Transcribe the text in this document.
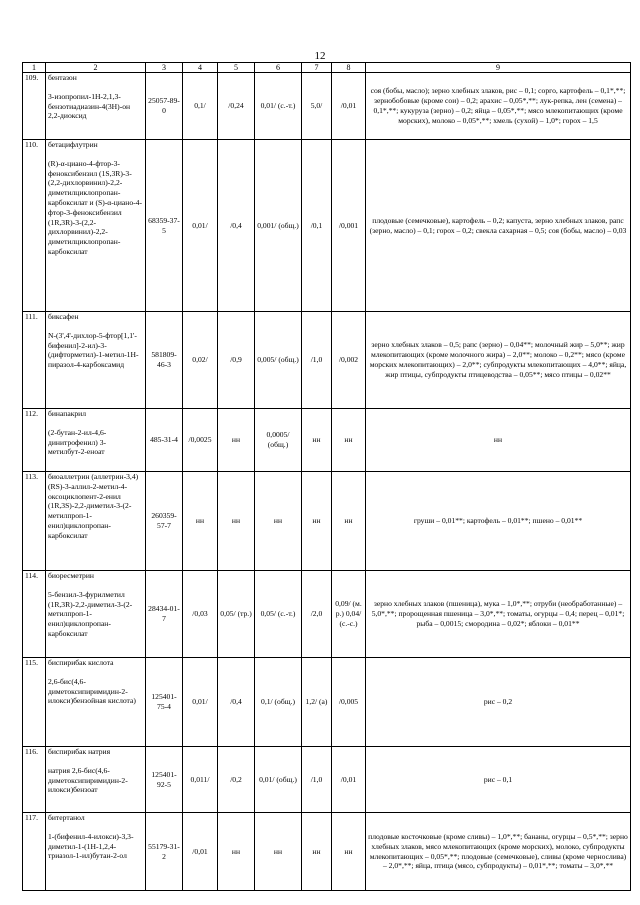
12
1	2	3	4	5	6	7	8	9
109.	бентазон
3-изопропил-1Н-2,1,3-бензотиадиазин-4(3Н)-он 2,2-диоксид	25057-89-0	0,1/	/0,24	0,01/ (с.-т.)	5,0/	/0,01	соя (бобы, масло); зерно хлебных злаков, рис – 0,1; сорго, картофель – 0,1*,**; зернобобовые (кроме сои) – 0,2; арахис – 0,05*,**; лук-репка, лен (семена) – 0,1*,**; кукуруза (зерно) – 0,2; яйца – 0,05*,**; мясо млекопитающих (кроме морских), молоко – 0,05*,**; хмель (сухой) – 1,0*; горох – 1,5
110.	бетацифлутрин
(R)-α-циано-4-фтор-3-феноксибензил (1S,3R)-3-(2,2-дихлорвинил)-2,2-диметилциклопропан-карбоксилат и (S)-α-циано-4-фтор-3-феноксибензил (1R,3R)-3-(2,2-дихлорвинил)-2,2-диметилциклопропан-карбоксилат	68359-37-5	0,01/	/0,4	0,001/ (общ.)	/0,1	/0,001	плодовые (семечковые), картофель – 0,2; капуста, зерно хлебных злаков, рапс (зерно, масло) – 0,1; горох – 0,2; свекла сахарная – 0,5; соя (бобы, масло) – 0,03
111.	биксафен
N-(3',4'-дихлор-5-фтор[1,1'-бифенил]-2-ил)-3-(дифторметил)-1-метил-1Н-пиразол-4-карбоксамид	581809-46-3	0,02/	/0,9	0,005/ (общ.)	/1,0	/0,002	зерно хлебных злаков – 0,5; рапс (зерно) – 0,04**; молочный жир – 5,0**; жир млекопитающих (кроме молочного жира) – 2,0**; молоко – 0,2**; мясо (кроме морских млекопитающих) – 2,0**; субпродукты млекопитающих – 4,0**; яйца, жир птицы, субпродукты птицеводства – 0,05**; мясо птицы – 0,02**
112.	бинапакрил
(2-бутан-2-ил-4,6-динитрофенил) 3-метилбут-2-еноат	485-31-4	/0,0025	нн	0,0005/ (общ.)	нн	нн	нн
113.	биоаллетрин (аллетрин-3,4) (RS)-3-аллил-2-метил-4-оксоциклопент-2-енил (1R,3S)-2,2-диметил-3-(2-метилпроп-1-енил)циклопропан-карбоксилат	260359-57-7	нн	нн	нн	нн	нн	груши – 0,01**; картофель – 0,01**; пшено – 0,01**
114.	биоресметрин
5-бензил-3-фурилметил (1R,3R)-2,2-диметил-3-(2-метилпроп-1-енил)циклопропан-карбоксилат	28434-01-7	/0,03	0,05/ (тр.)	0,05/ (с.-т.)	/2,0	0,09/ (м. р.) 0,04/ (с.-с.)	зерно хлебных злаков (пшеница), мука – 1,0*,**; отруби (необработанные) – 5,0*,**; пророщенная пшеница – 3,0*,**; томаты, огурцы – 0,4; перец – 0,01*; рыба – 0,0015; смородина – 0,02*; яблоки – 0,01**
115.	биспирибак кислота
2,6-бис(4,6-диметоксипиримидин-2-илокси)бензойная кислота)	125401-75-4	0,01/	/0,4	0,1/ (общ.)	1,2/ (а)	/0,005	рис – 0,2
116.	биспирибак натрия
натрия 2,6-бис(4,6-диметоксипиримидин-2-илокси)бензоат	125401-92-5	0,011/	/0,2	0,01/ (общ.)	/1,0	/0,01	рис – 0,1
117.	битертанол
1-(бифенил-4-илокси)-3,3-диметил-1-(1Н-1,2,4-триазол-1-ил)бутан-2-ол	55179-31-2	/0,01	нн	нн	нн	нн	плодовые косточковые (кроме сливы) – 1,0*,**; бананы, огурцы – 0,5*,**; зерно хлебных злаков, мясо млекопитающих (кроме морских), молоко, субпродукты млекопитающих – 0,05*,**; плодовые (семечковые), сливы (кроме чернослива) – 2,0*,**; яйца, птица (мясо, субпродукты) – 0,01*,**; томаты – 3,0*,**
